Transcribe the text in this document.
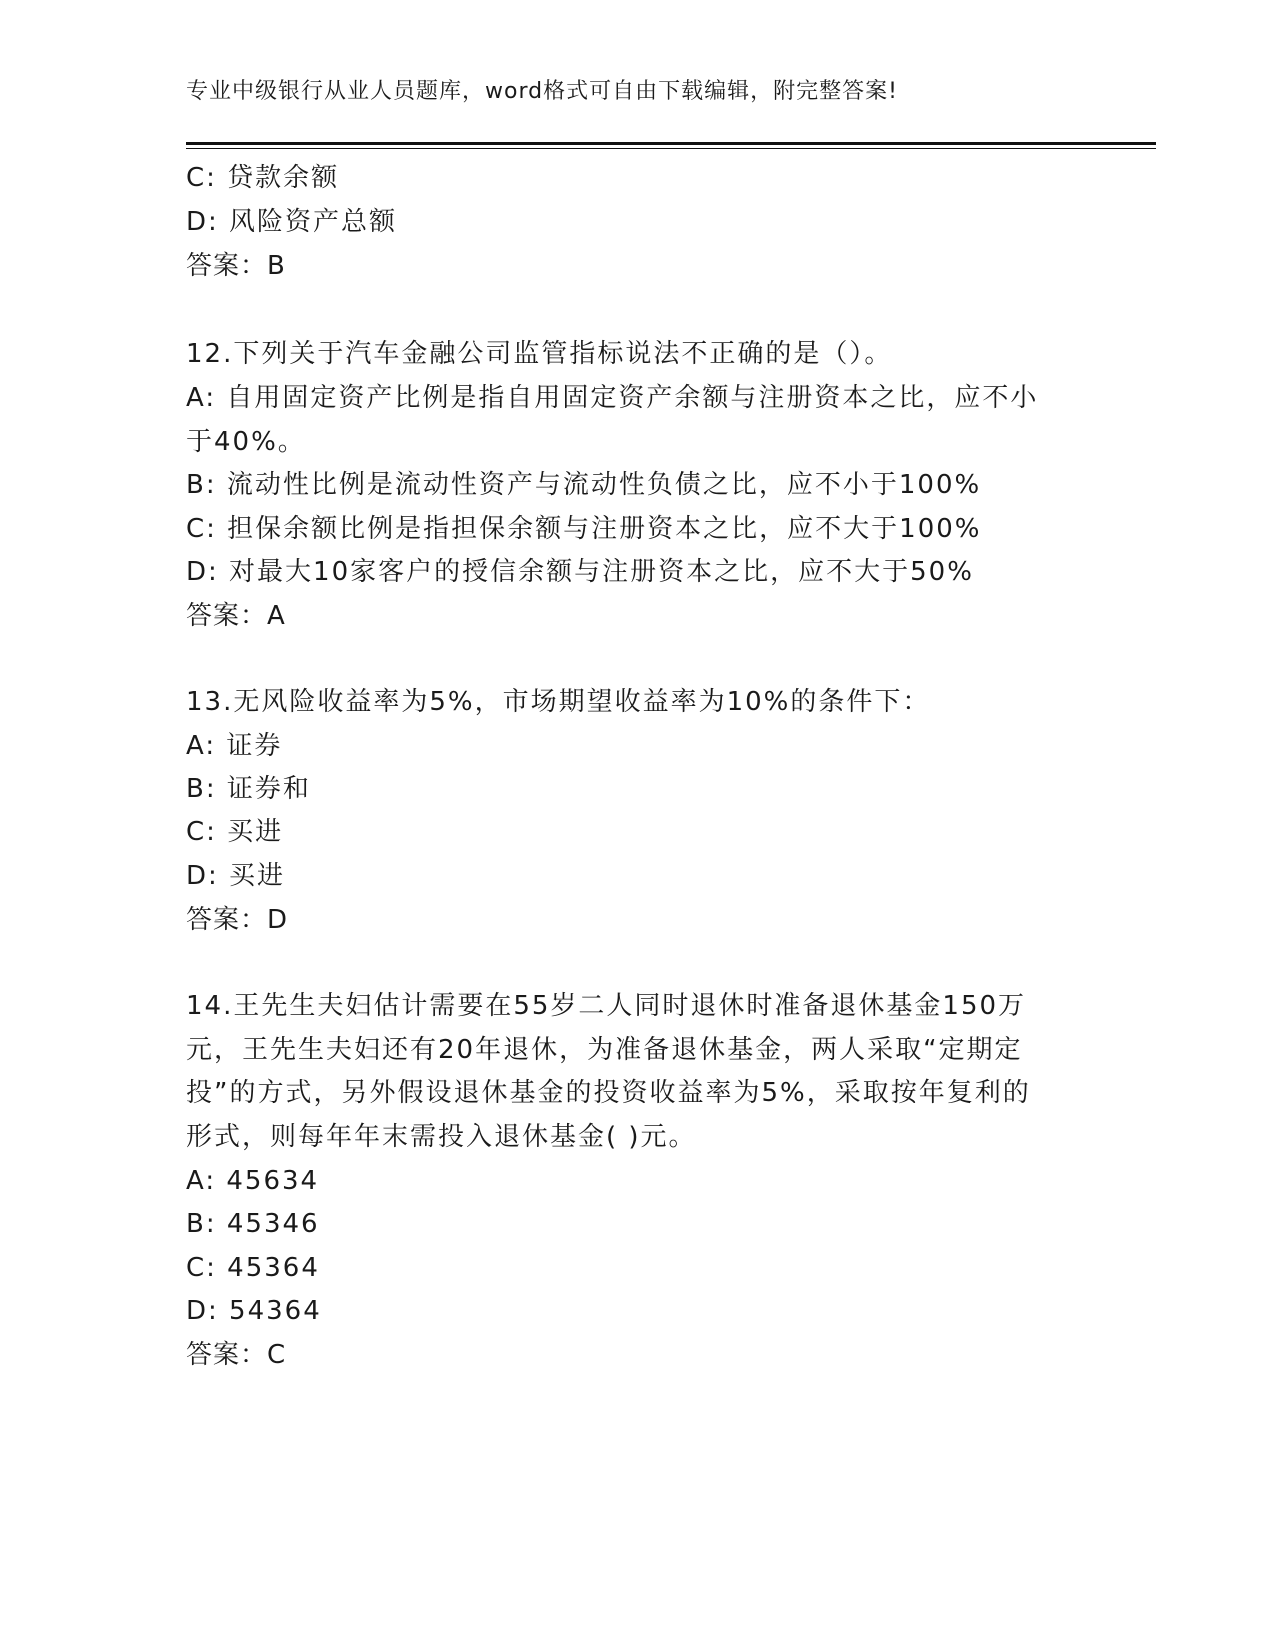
专业中级银行从业人员题库，word格式可自由下载编辑，附完整答案!
C: 贷款余额
D: 风险资产总额
答案：B
12.下列关于汽车金融公司监管指标说法不正确的是（）。
A: 自用固定资产比例是指自用固定资产余额与注册资本之比，应不小
于40%。
B: 流动性比例是流动性资产与流动性负债之比，应不小于100%
C: 担保余额比例是指担保余额与注册资本之比，应不大于100%
D: 对最大10家客户的授信余额与注册资本之比，应不大于50%
答案：A
13.无风险收益率为5%，市场期望收益率为10%的条件下：
A: 证券
B: 证券和
C: 买进
D: 买进
答案：D
14.王先生夫妇估计需要在55岁二人同时退休时准备退休基金150万
元，王先生夫妇还有20年退休，为准备退休基金，两人采取“定期定
投”的方式，另外假设退休基金的投资收益率为5%，采取按年复利的
形式，则每年年末需投入退休基金( )元。
A: 45634
B: 45346
C: 45364
D: 54364
答案：C
